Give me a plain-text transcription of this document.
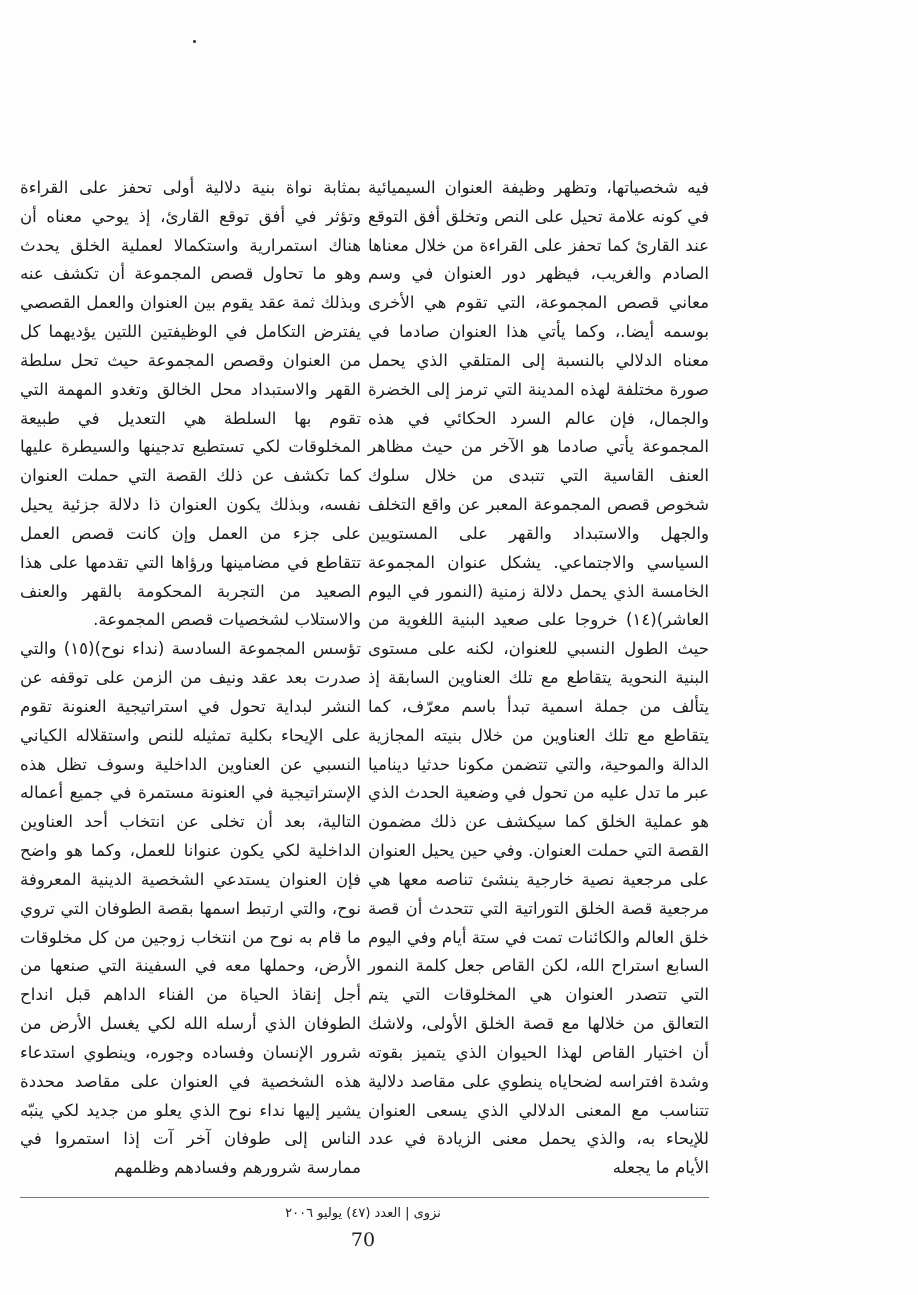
فيه شخصياتها، وتظهر وظيفة العنوان السيميائية في كونه علامة تحيل على النص وتخلق أفق التوقع عند القارئ كما تحفز على القراءة من خلال معناها الصادم والغريب، فيظهر دور العنوان في وسم معاني قصص المجموعة، التي تقوم هي الأخرى بوسمه أيضا.، وكما يأتي هذا العنوان صادما في معناه الدلالي بالنسبة إلى المتلقي الذي يحمل صورة مختلفة لهذه المدينة التي ترمز إلى الخضرة والجمال، فإن عالم السرد الحكائي في هذه المجموعة يأتي صادما هو الآخر من حيث مظاهر العنف القاسية التي تتبدى من خلال سلوك شخوص قصص المجموعة المعبر عن واقع التخلف والجهل والاستبداد والقهر على المستويين السياسي والاجتماعي. يشكل عنوان المجموعة الخامسة الذي يحمل دلالة زمنية (النمور في اليوم العاشر)(١٤) خروجا على صعيد البنية اللغوية من حيث الطول النسبي للعنوان، لكنه على مستوى البنية النحوية يتقاطع مع تلك العناوين السابقة إذ يتألف من جملة اسمية تبدأ باسم معرّف، كما يتقاطع مع تلك العناوين من خلال بنيته المجازية الدالة والموحية، والتي تتضمن مكونا حدثيا ديناميا عبر ما تدل عليه من تحول في وضعية الحدث الذي هو عملية الخلق كما سيكشف عن ذلك مضمون القصة التي حملت العنوان. وفي حين يحيل العنوان على مرجعية نصية خارجية ينشئ تناصه معها هي مرجعية قصة الخلق التوراتية التي تتحدث أن قصة خلق العالم والكائنات تمت في ستة أيام وفي اليوم السابع استراح الله، لكن القاص جعل كلمة النمور التي تتصدر العنوان هي المخلوقات التي يتم التعالق من خلالها مع قصة الخلق الأولى، ولاشك أن اختيار القاص لهذا الحيوان الذي يتميز بقوته وشدة افتراسه لضحاياه ينطوي على مقاصد دلالية تتناسب مع المعنى الدلالي الذي يسعى العنوان للإيحاء به، والذي يحمل معنى الزيادة في عدد الأيام ما يجعله

بمثابة نواة بنية دلالية أولى تحفز على القراءة وتؤثر في أفق توقع القارئ، إذ يوحي معناه أن هناك استمرارية واستكمالا لعملية الخلق يحدث وهو ما تحاول قصص المجموعة أن تكشف عنه وبذلك ثمة عقد يقوم بين العنوان والعمل القصصي يفترض التكامل في الوظيفتين اللتين يؤديهما كل من العنوان وقصص المجموعة حيث تحل سلطة القهر والاستبداد محل الخالق وتغدو المهمة التي تقوم بها السلطة هي التعديل في طبيعة المخلوقات لكي تستطيع تدجينها والسيطرة عليها كما تكشف عن ذلك القصة التي حملت العنوان نفسه، وبذلك يكون العنوان ذا دلالة جزئية يحيل على جزء من العمل وإن كانت قصص العمل تتقاطع في مضامينها ورؤاها التي تقدمها على هذا الصعيد من التجربة المحكومة بالقهر والعنف والاستلاب لشخصيات قصص المجموعة.

تؤسس المجموعة السادسة (نداء نوح)(١٥) والتي صدرت بعد عقد ونيف من الزمن على توقفه عن النشر لبداية تحول في استراتيجية العنونة تقوم على الإيحاء بكلية تمثيله للنص واستقلاله الكياني النسبي عن العناوين الداخلية وسوف تظل هذه الإستراتيجية في العنونة مستمرة في جميع أعماله التالية، بعد أن تخلى عن انتخاب أحد العناوين الداخلية لكي يكون عنوانا للعمل، وكما هو واضح فإن العنوان يستدعي الشخصية الدينية المعروفة نوح، والتي ارتبط اسمها بقصة الطوفان التي تروي ما قام به نوح من انتخاب زوجين من كل مخلوقات الأرض، وحملها معه في السفينة التي صنعها من أجل إنقاذ الحياة من الفناء الداهم قبل انداح الطوفان الذي أرسله الله لكي يغسل الأرض من شرور الإنسان وفساده وجوره، وينطوي استدعاء هذه الشخصية في العنوان على مقاصد محددة يشير إليها نداء نوح الذي يعلو من جديد لكي ينبّه الناس إلى طوفان آخر آت إذا استمروا في ممارسة شرورهم وفسادهم وظلمهم

نزوى | العدد (٤٧) يوليو ٢٠٠٦
70
